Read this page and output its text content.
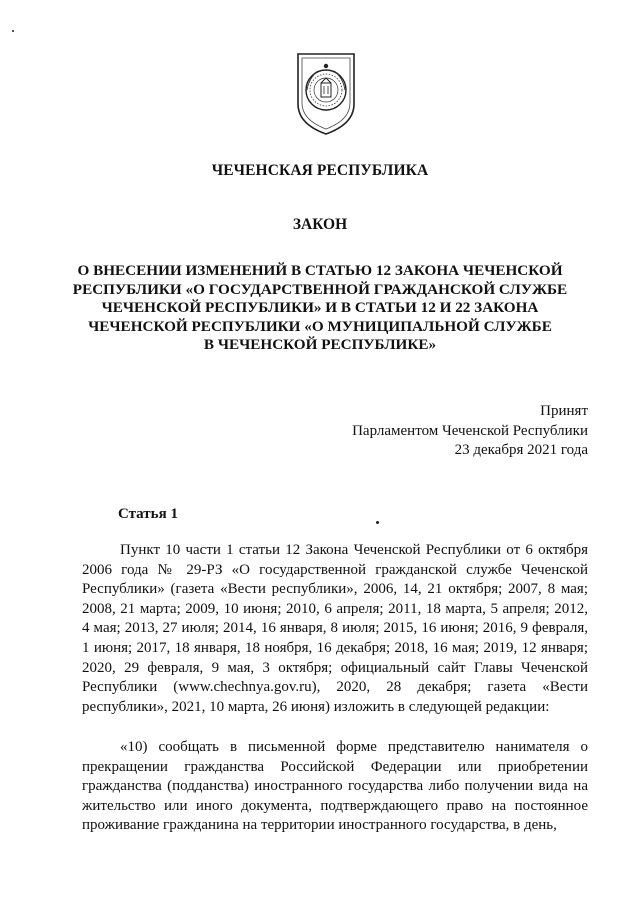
ЧЕЧЕНСКАЯ РЕСПУБЛИКА
ЗАКОН
О ВНЕСЕНИИ ИЗМЕНЕНИЙ В СТАТЬЮ 12 ЗАКОНА ЧЕЧЕНСКОЙ
РЕСПУБЛИКИ «О ГОСУДАРСТВЕННОЙ ГРАЖДАНСКОЙ СЛУЖБЕ
ЧЕЧЕНСКОЙ РЕСПУБЛИКИ» И В СТАТЬИ 12 И 22 ЗАКОНА
ЧЕЧЕНСКОЙ РЕСПУБЛИКИ «О МУНИЦИПАЛЬНОЙ СЛУЖБЕ
В ЧЕЧЕНСКОЙ РЕСПУБЛИКЕ»
Принят
Парламентом Чеченской Республики
23 декабря 2021 года
Статья 1
Пункт 10 части 1 статьи 12 Закона Чеченской Республики от 6 октября 2006 года № 29-РЗ «О государственной гражданской службе Чеченской Республики» (газета «Вести республики», 2006, 14, 21 октября; 2007, 8 мая; 2008, 21 марта; 2009, 10 июня; 2010, 6 апреля; 2011, 18 марта, 5 апреля; 2012, 4 мая; 2013, 27 июля; 2014, 16 января, 8 июля; 2015, 16 июня; 2016, 9 февраля, 1 июня; 2017, 18 января, 18 ноября, 16 декабря; 2018, 16 мая; 2019, 12 января; 2020, 29 февраля, 9 мая, 3 октября; официальный сайт Главы Чеченской Республики (www.chechnya.gov.ru), 2020, 28 декабря; газета «Вести республики», 2021, 10 марта, 26 июня) изложить в следующей редакции:
«10) сообщать в письменной форме представителю нанимателя о прекращении гражданства Российской Федерации или приобретении гражданства (подданства) иностранного государства либо получении вида на жительство или иного документа, подтверждающего право на постоянное проживание гражданина на территории иностранного государства, в день,
